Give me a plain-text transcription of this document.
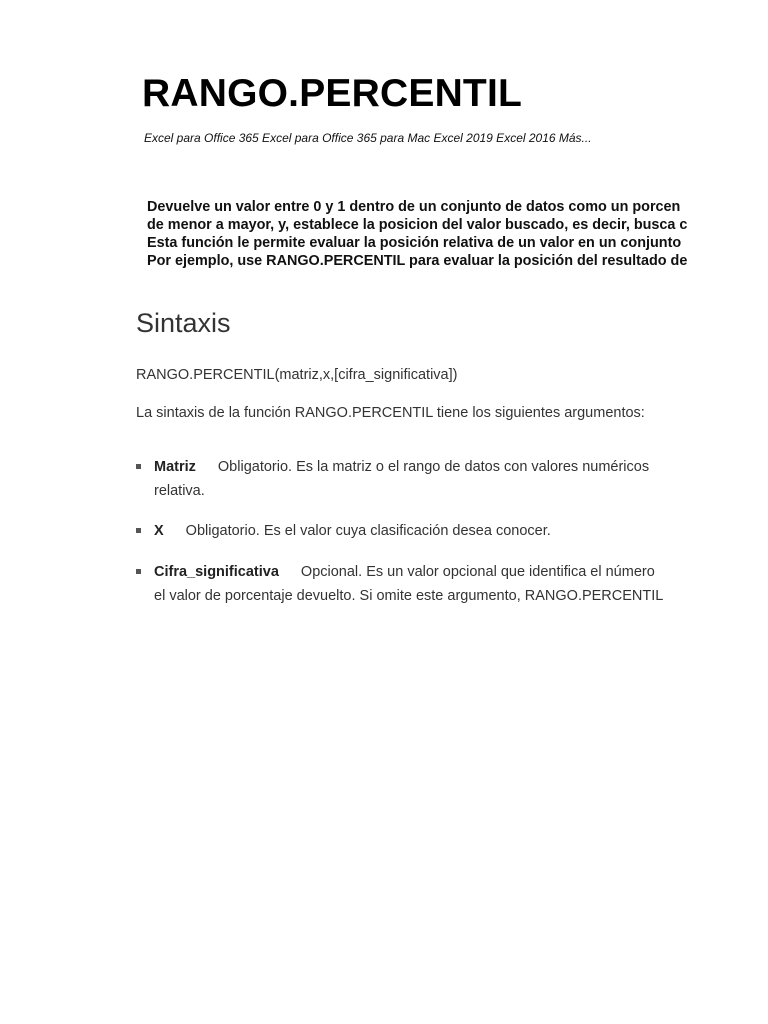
RANGO.PERCENTIL
Excel para Office 365 Excel para Office 365 para Mac Excel 2019 Excel 2016 Más...
Devuelve un valor entre 0 y 1 dentro de un conjunto de datos como un porcen
de menor a mayor, y, establece la posicion del valor buscado, es decir, busca c
Esta función le permite evaluar la posición relativa de un valor en un conjunto
Por ejemplo, use RANGO.PERCENTIL para evaluar la posición del resultado de
Sintaxis
RANGO.PERCENTIL(matriz,x,[cifra_significativa])
La sintaxis de la función RANGO.PERCENTIL tiene los siguientes argumentos:
Matriz Obligatorio. Es la matriz o el rango de datos con valores numéricos
relativa.
X Obligatorio. Es el valor cuya clasificación desea conocer.
Cifra_significativa Opcional. Es un valor opcional que identifica el número
el valor de porcentaje devuelto. Si omite este argumento, RANGO.PERCENTIL
